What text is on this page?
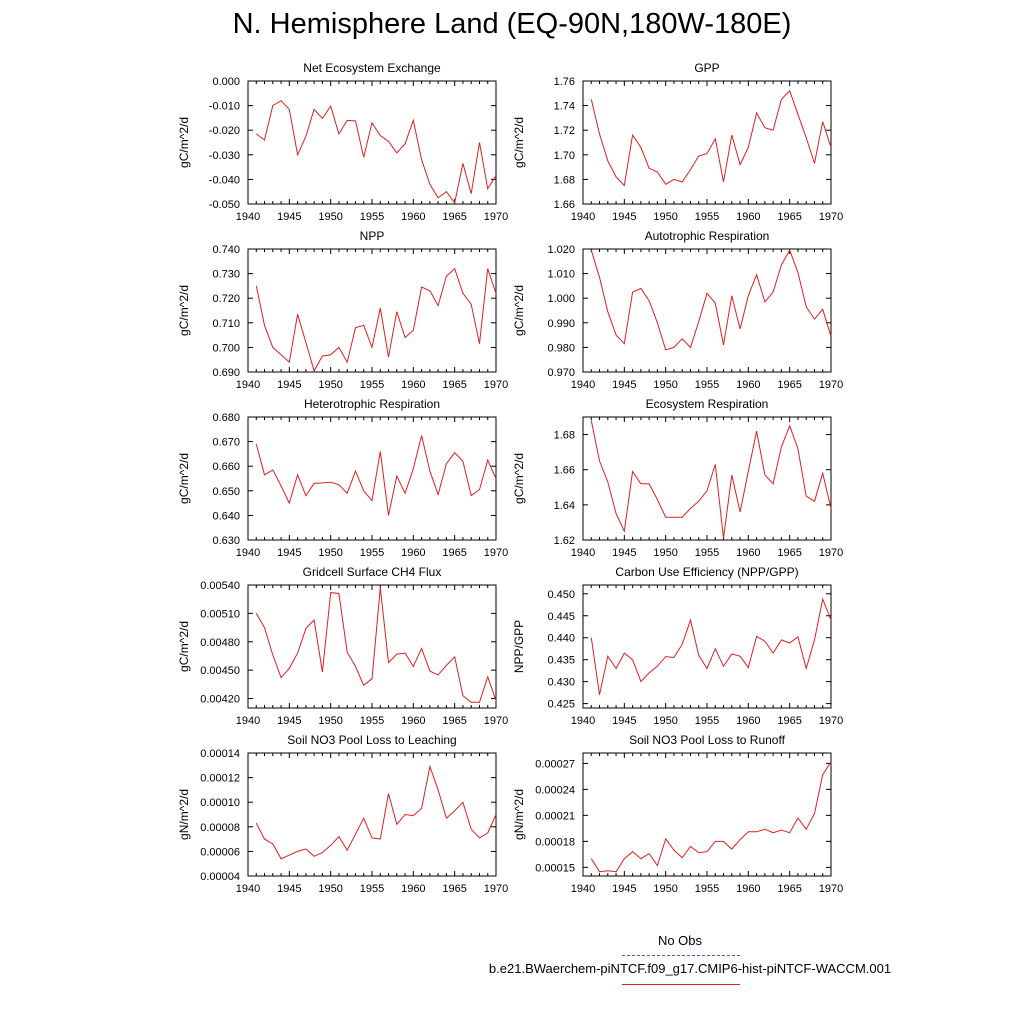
N. Hemisphere Land (EQ-90N,180W-180E)
Net Ecosystem Exchange
gC/m^2/d
1940 1945 1950 1955 1960 1965 1970
0.000
-0.010
-0.020
-0.030
-0.040
-0.050
GPP
gC/m^2/d
1940 1945 1950 1955 1960 1965 1970
1.76
1.74
1.72
1.70
1.68
1.66
NPP
gC/m^2/d
1940 1945 1950 1955 1960 1965 1970
0.740
0.730
0.720
0.710
0.700
0.690
Autotrophic Respiration
gC/m^2/d
1940 1945 1950 1955 1960 1965 1970
1.020
1.010
1.000
0.990
0.980
0.970
Heterotrophic Respiration
gC/m^2/d
1940 1945 1950 1955 1960 1965 1970
0.680
0.670
0.660
0.650
0.640
0.630
Ecosystem Respiration
gC/m^2/d
1940 1945 1950 1955 1960 1965 1970
1.68
1.66
1.64
1.62
Gridcell Surface CH4 Flux
gC/m^2/d
1940 1945 1950 1955 1960 1965 1970
0.00540
0.00510
0.00480
0.00450
0.00420
Carbon Use Efficiency (NPP/GPP)
NPP/GPP
1940 1945 1950 1955 1960 1965 1970
0.450
0.445
0.440
0.435
0.430
0.425
Soil NO3 Pool Loss to Leaching
gN/m^2/d
1940 1945 1950 1955 1960 1965 1970
0.00014
0.00012
0.00010
0.00008
0.00006
0.00004
Soil NO3 Pool Loss to Runoff
gN/m^2/d
1940 1945 1950 1955 1960 1965 1970
0.00027
0.00024
0.00021
0.00018
0.00015
No Obs
b.e21.BWaerchem-piNTCF.f09_g17.CMIP6-hist-piNTCF-WACCM.001
